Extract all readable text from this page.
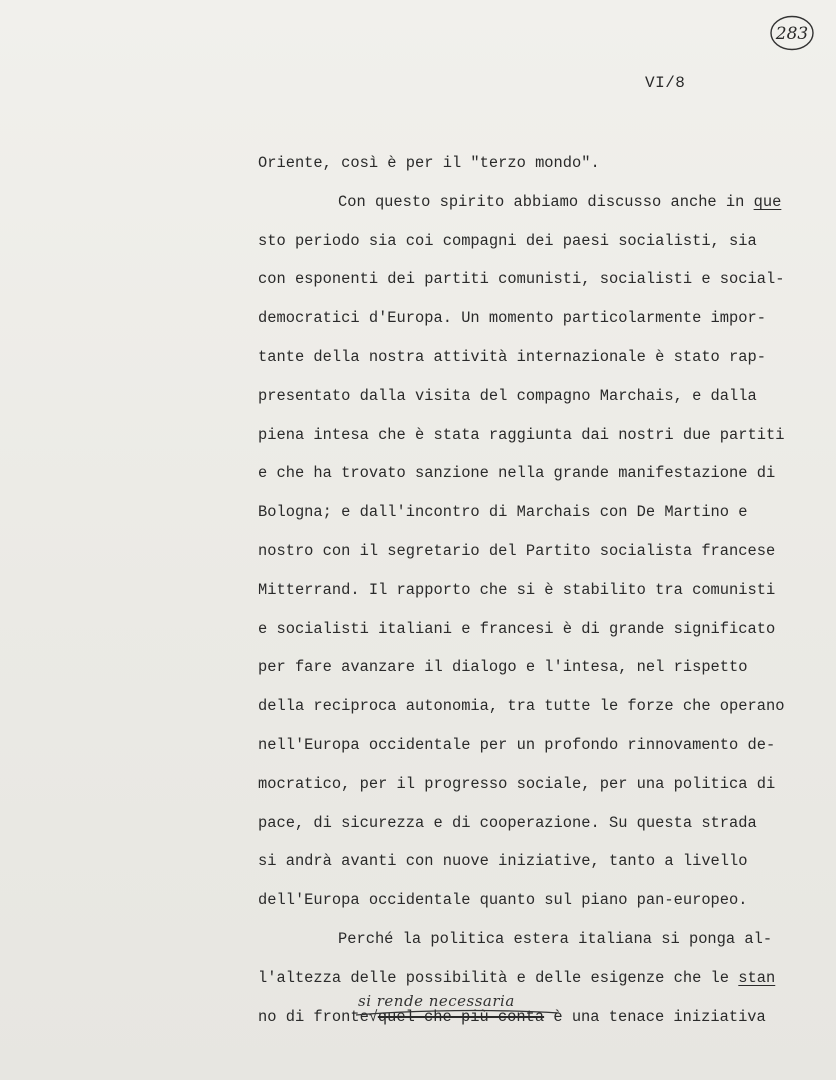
283
VI/8
Oriente, così è per il "terzo mondo".
Con questo spirito abbiamo discusso anche in que
sto periodo sia coi compagni dei paesi socialisti, sia
con esponenti dei partiti comunisti, socialisti e social-
democratici d'Europa. Un momento particolarmente impor-
tante della nostra attività internazionale è stato rap-
presentato dalla visita del compagno Marchais, e dalla
piena intesa che è stata raggiunta dai nostri due partiti
e che ha trovato sanzione nella grande manifestazione di
Bologna; e dall'incontro di Marchais con De Martino e
nostro con il segretario del Partito socialista francese
Mitterrand. Il rapporto che si è stabilito tra comunisti
e socialisti italiani e francesi è di grande significato
per fare avanzare il dialogo e l'intesa, nel rispetto
della reciproca autonomia, tra tutte le forze che operano
nell'Europa occidentale per un profondo rinnovamento de-
mocratico, per il progresso sociale, per una politica di
pace, di sicurezza e di cooperazione. Su questa strada
si andrà avanti con nuove iniziative, tanto a livello
dell'Europa occidentale quanto sul piano pan-europeo.
Perché la politica estera italiana si ponga al-
l'altezza delle possibilità e delle esigenze che le stan
no di fronte√quel che più conta è una tenace iniziativa
si rende necessaria
